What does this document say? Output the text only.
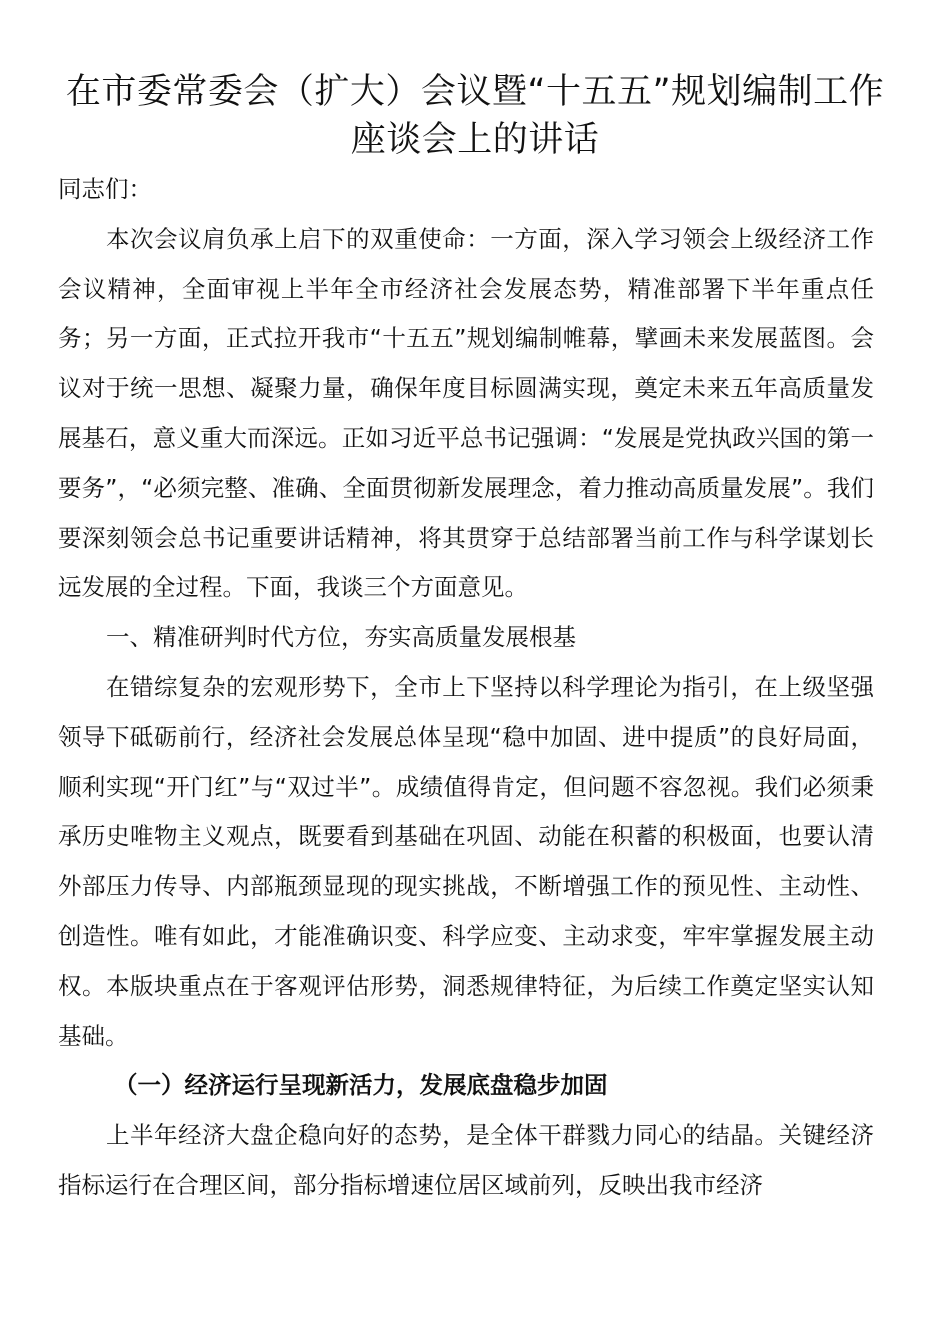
在市委常委会（扩大）会议暨“十五五”规划编制工作座谈会上的讲话

同志们：

本次会议肩负承上启下的双重使命：一方面，深入学习领会上级经济工作会议精神，全面审视上半年全市经济社会发展态势，精准部署下半年重点任务；另一方面，正式拉开我市“十五五”规划编制帷幕，擘画未来发展蓝图。会议对于统一思想、凝聚力量，确保年度目标圆满实现，奠定未来五年高质量发展基石，意义重大而深远。正如习近平总书记强调：“发展是党执政兴国的第一要务”，“必须完整、准确、全面贯彻新发展理念，着力推动高质量发展”。我们要深刻领会总书记重要讲话精神，将其贯穿于总结部署当前工作与科学谋划长远发展的全过程。下面，我谈三个方面意见。

一、精准研判时代方位，夯实高质量发展根基

在错综复杂的宏观形势下，全市上下坚持以科学理论为指引，在上级坚强领导下砥砺前行，经济社会发展总体呈现“稳中加固、进中提质”的良好局面，顺利实现“开门红”与“双过半”。成绩值得肯定，但问题不容忽视。我们必须秉承历史唯物主义观点，既要看到基础在巩固、动能在积蓄的积极面，也要认清外部压力传导、内部瓶颈显现的现实挑战，不断增强工作的预见性、主动性、创造性。唯有如此，才能准确识变、科学应变、主动求变，牢牢掌握发展主动权。本版块重点在于客观评估形势，洞悉规律特征，为后续工作奠定坚实认知基础。

（一）经济运行呈现新活力，发展底盘稳步加固

上半年经济大盘企稳向好的态势，是全体干群戮力同心的结晶。关键经济指标运行在合理区间，部分指标增速位居区域前列，反映出我市经济
